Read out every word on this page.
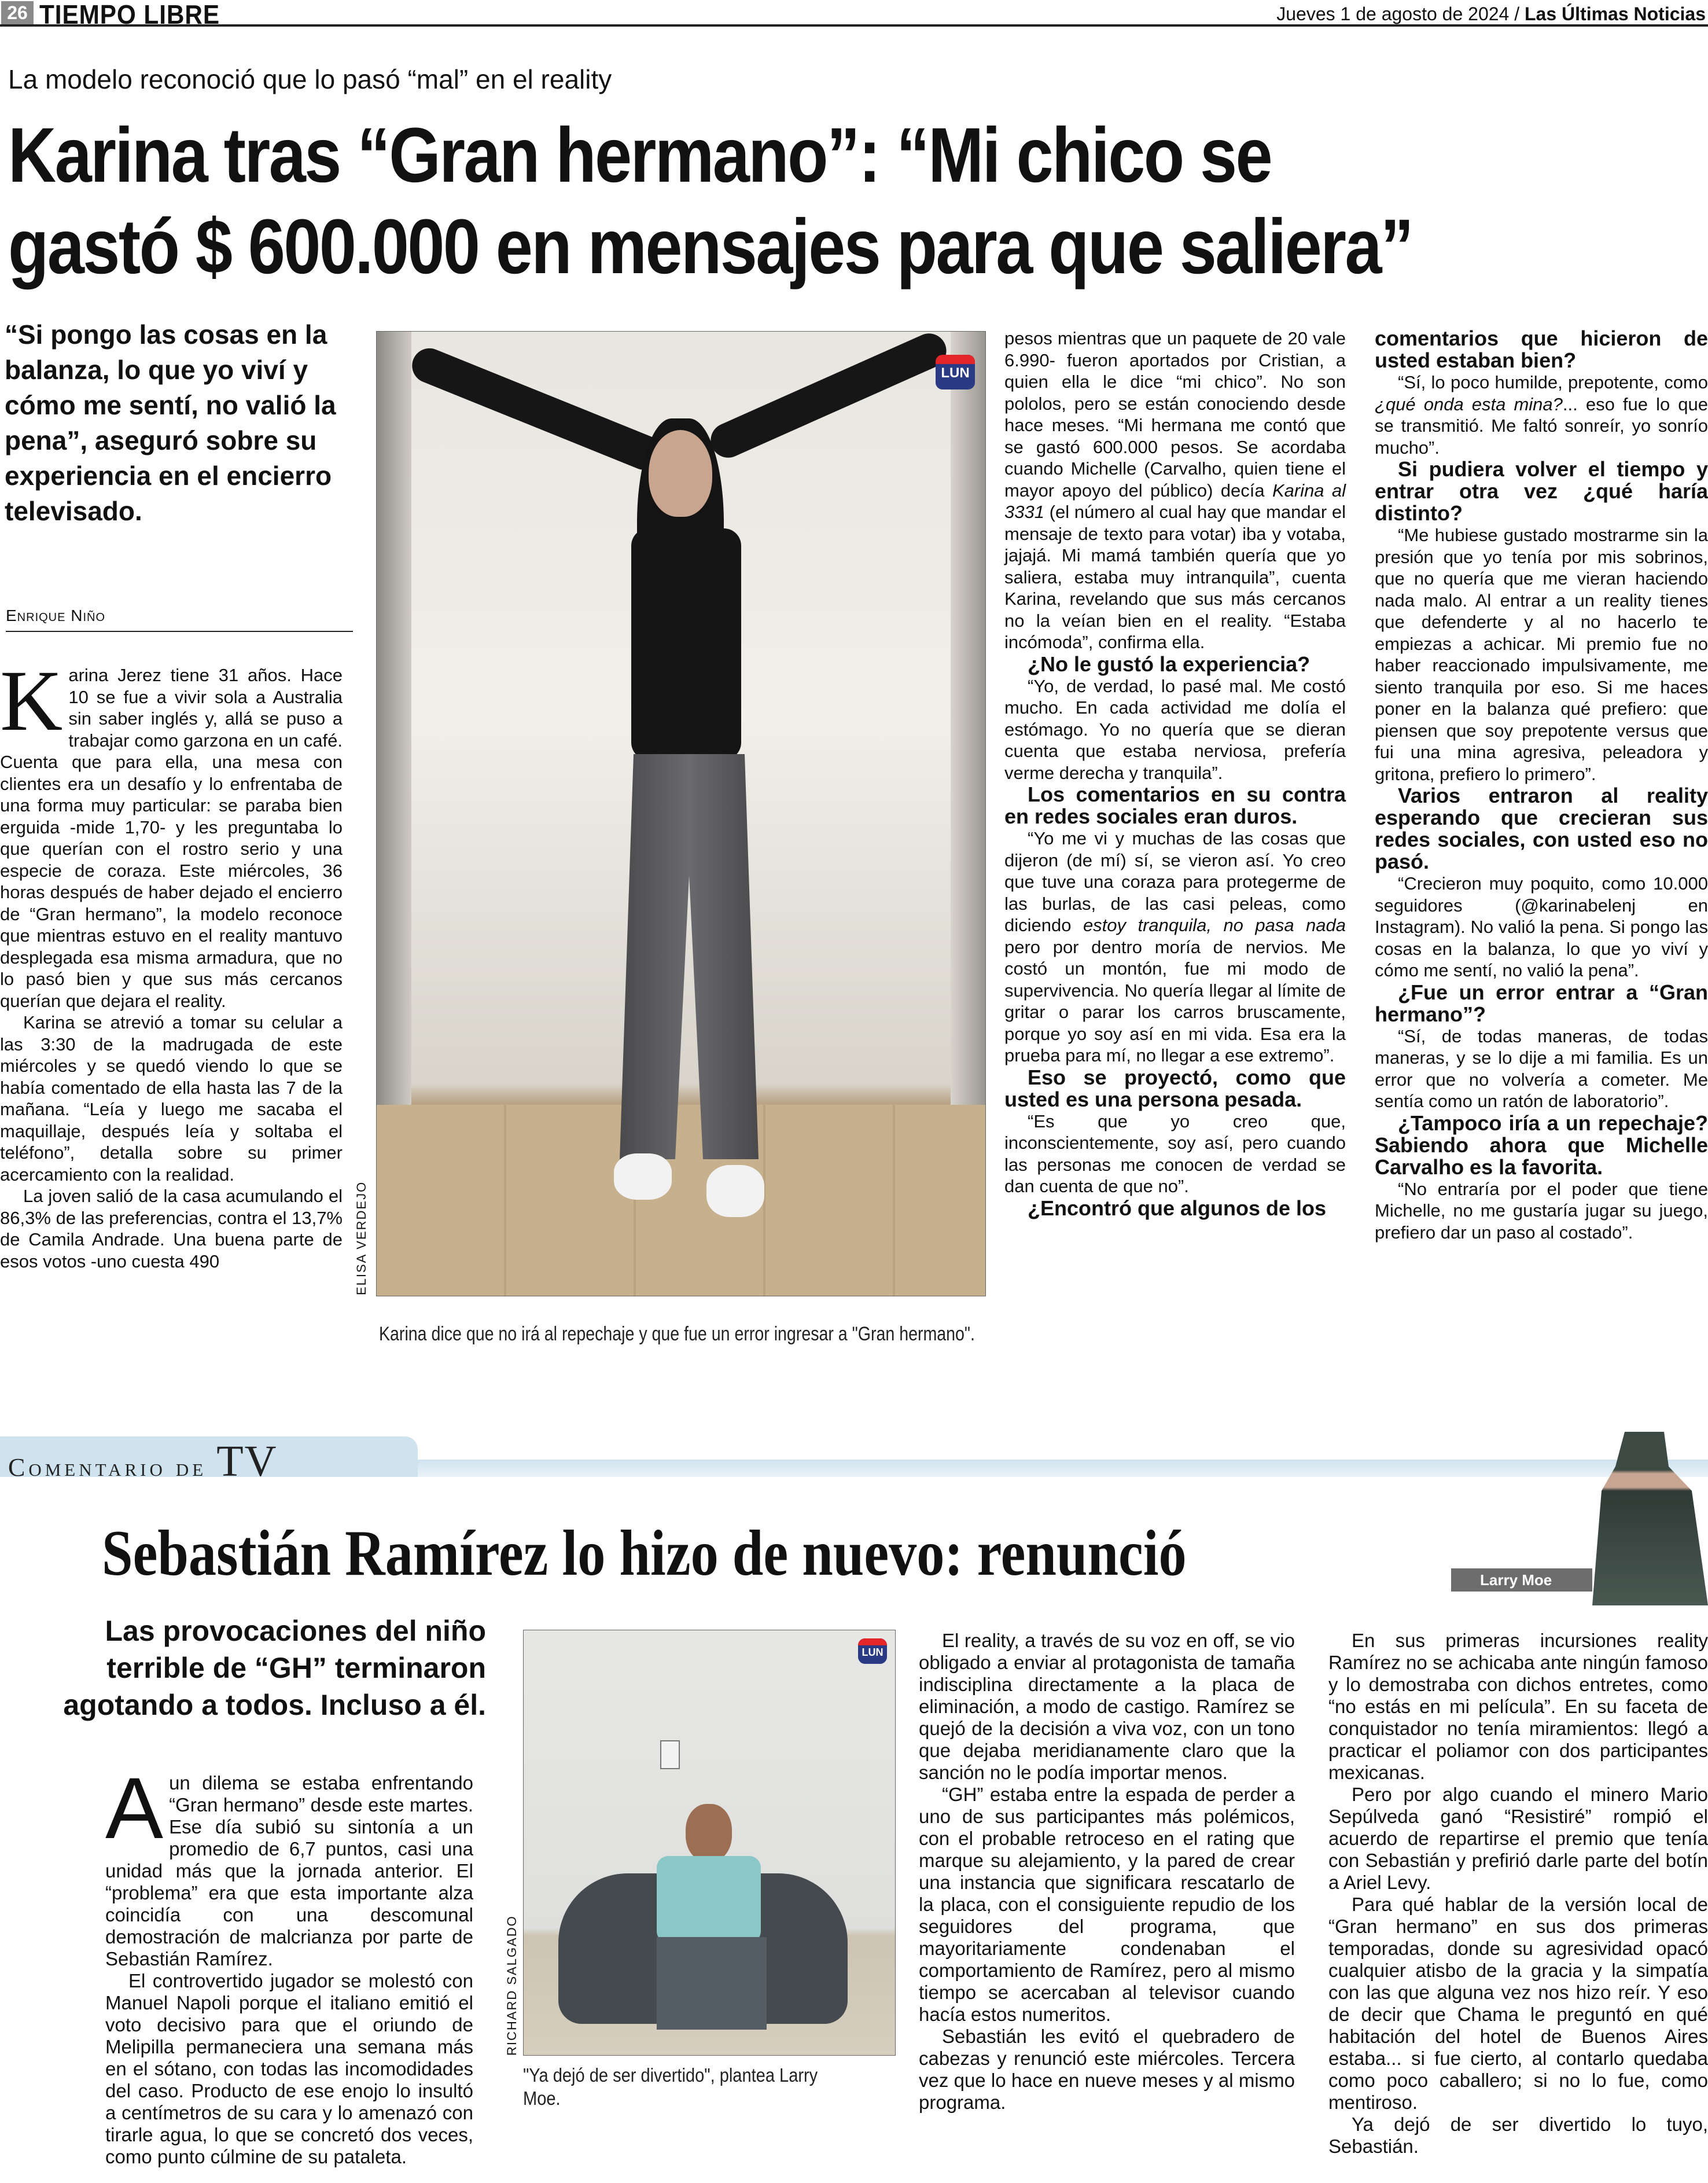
26 TIEMPO LIBRE	Jueves 1 de agosto de 2024 / Las Últimas Noticias
La modelo reconoció que lo pasó “mal” en el reality
Karina tras “Gran hermano”: “Mi chico se
gastó $ 600.000 en mensajes para que saliera”
“Si pongo las cosas en la balanza, lo que yo viví y cómo me sentí, no valió la pena”, aseguró sobre su experiencia en el encierro televisado.
Enrique Niño

Karina Jerez tiene 31 años. Hace 10 se fue a vivir sola a Australia sin saber inglés y, allá se puso a trabajar como garzona en un café. Cuenta que para ella, una mesa con clientes era un desafío y lo enfrentaba de una forma muy particular: se paraba bien erguida -mide 1,70- y les preguntaba lo que querían con el rostro serio y una especie de coraza. Este miércoles, 36 horas después de haber dejado el encierro de “Gran hermano”, la modelo reconoce que mientras estuvo en el reality mantuvo desplegada esa misma armadura, que no lo pasó bien y que sus más cercanos querían que dejara el reality.

Karina se atrevió a tomar su celular a las 3:30 de la madrugada de este miércoles y se quedó viendo lo que se había comentado de ella hasta las 7 de la mañana. “Leía y luego me sacaba el maquillaje, después leía y soltaba el teléfono”, detalla sobre su primer acercamiento con la realidad.

La joven salió de la casa acumulando el 86,3% de las preferencias, contra el 13,7% de Camila Andrade. Una buena parte de esos votos -uno cuesta 490

LUN
ELISA VERDEJO
Karina dice que no irá al repechaje y que fue un error ingresar a "Gran hermano".

pesos mientras que un paquete de 20 vale 6.990- fueron aportados por Cristian, a quien ella le dice “mi chico”. No son pololos, pero se están conociendo desde hace meses. “Mi hermana me contó que se gastó 600.000 pesos. Se acordaba cuando Michelle (Carvalho, quien tiene el mayor apoyo del público) decía Karina al 3331 (el número al cual hay que mandar el mensaje de texto para votar) iba y votaba, jajajá. Mi mamá también quería que yo saliera, estaba muy intranquila”, cuenta Karina, revelando que sus más cercanos no la veían bien en el reality. “Estaba incómoda”, confirma ella.

¿No le gustó la experiencia?

“Yo, de verdad, lo pasé mal. Me costó mucho. En cada actividad me dolía el estómago. Yo no quería que se dieran cuenta que estaba nerviosa, prefería verme derecha y tranquila”.

Los comentarios en su contra en redes sociales eran duros.

“Yo me vi y muchas de las cosas que dijeron (de mí) sí, se vieron así. Yo creo que tuve una coraza para protegerme de las burlas, de las casi peleas, como diciendo estoy tranquila, no pasa nada pero por dentro moría de nervios. Me costó un montón, fue mi modo de supervivencia. No quería llegar al límite de gritar o parar los carros bruscamente, porque yo soy así en mi vida. Esa era la prueba para mí, no llegar a ese extremo”.

Eso se proyectó, como que usted es una persona pesada.

“Es que yo creo que, inconscientemente, soy así, pero cuando las personas me conocen de verdad se dan cuenta de que no”.

¿Encontró que algunos de los

comentarios que hicieron de usted estaban bien?

“Sí, lo poco humilde, prepotente, como ¿qué onda esta mina?... eso fue lo que se transmitió. Me faltó sonreír, yo sonrío mucho”.

Si pudiera volver el tiempo y entrar otra vez ¿qué haría distinto?

“Me hubiese gustado mostrarme sin la presión que yo tenía por mis sobrinos, que no quería que me vieran haciendo nada malo. Al entrar a un reality tienes que defenderte y al no hacerlo te empiezas a achicar. Mi premio fue no haber reaccionado impulsivamente, me siento tranquila por eso. Si me haces poner en la balanza qué prefiero: que piensen que soy prepotente versus que fui una mina agresiva, peleadora y gritona, prefiero lo primero”.

Varios entraron al reality esperando que crecieran sus redes sociales, con usted eso no pasó.

“Crecieron muy poquito, como 10.000 seguidores (@karinabelenj en Instagram). No valió la pena. Si pongo las cosas en la balanza, lo que yo viví y cómo me sentí, no valió la pena”.

¿Fue un error entrar a “Gran hermano”?

“Sí, de todas maneras, de todas maneras, y se lo dije a mi familia. Es un error que no volvería a cometer. Me sentía como un ratón de laboratorio”.

¿Tampoco iría a un repechaje? Sabiendo ahora que Michelle Carvalho es la favorita.

“No entraría por el poder que tiene Michelle, no me gustaría jugar su juego, prefiero dar un paso al costado”.

Comentario de TV
Larry Moe
Sebastián Ramírez lo hizo de nuevo: renunció
Las provocaciones del niño terrible de “GH” terminaron agotando a todos. Incluso a él.

Aun dilema se estaba enfrentando “Gran hermano” desde este martes. Ese día subió su sintonía a un promedio de 6,7 puntos, casi una unidad más que la jornada anterior. El “problema” era que esta importante alza coincidía con una descomunal demostración de malcrianza por parte de Sebastián Ramírez.

El controvertido jugador se molestó con Manuel Napoli porque el italiano emitió el voto decisivo para que el oriundo de Melipilla permaneciera una semana más en el sótano, con todas las incomodidades del caso. Producto de ese enojo lo insultó a centímetros de su cara y lo amenazó con tirarle agua, lo que se concretó dos veces, como punto cúlmine de su pataleta.

LUN
RICHARD SALGADO
"Ya dejó de ser divertido", plantea Larry Moe.

El reality, a través de su voz en off, se vio obligado a enviar al protagonista de tamaña indisciplina directamente a la placa de eliminación, a modo de castigo. Ramírez se quejó de la decisión a viva voz, con un tono que dejaba meridianamente claro que la sanción no le podía importar menos.

“GH” estaba entre la espada de perder a uno de sus participantes más polémicos, con el probable retroceso en el rating que marque su alejamiento, y la pared de crear una instancia que significara rescatarlo de la placa, con el consiguiente repudio de los seguidores del programa, que mayoritariamente condenaban el comportamiento de Ramírez, pero al mismo tiempo se acercaban al televisor cuando hacía estos numeritos.

Sebastián les evitó el quebradero de cabezas y renunció este miércoles. Tercera vez que lo hace en nueve meses y al mismo programa.

En sus primeras incursiones reality Ramírez no se achicaba ante ningún famoso y lo demostraba con dichos entretes, como “no estás en mi película”. En su faceta de conquistador no tenía miramientos: llegó a practicar el poliamor con dos participantes mexicanas.

Pero por algo cuando el minero Mario Sepúlveda ganó “Resistiré” rompió el acuerdo de repartirse el premio que tenía con Sebastián y prefirió darle parte del botín a Ariel Levy.

Para qué hablar de la versión local de “Gran hermano” en sus dos primeras temporadas, donde su agresividad opacó cualquier atisbo de la gracia y la simpatía con las que alguna vez nos hizo reír. Y eso de decir que Chama le preguntó en qué habitación del hotel de Buenos Aires estaba... si fue cierto, al contarlo quedaba como poco caballero; si no lo fue, como mentiroso.

Ya dejó de ser divertido lo tuyo, Sebastián.
